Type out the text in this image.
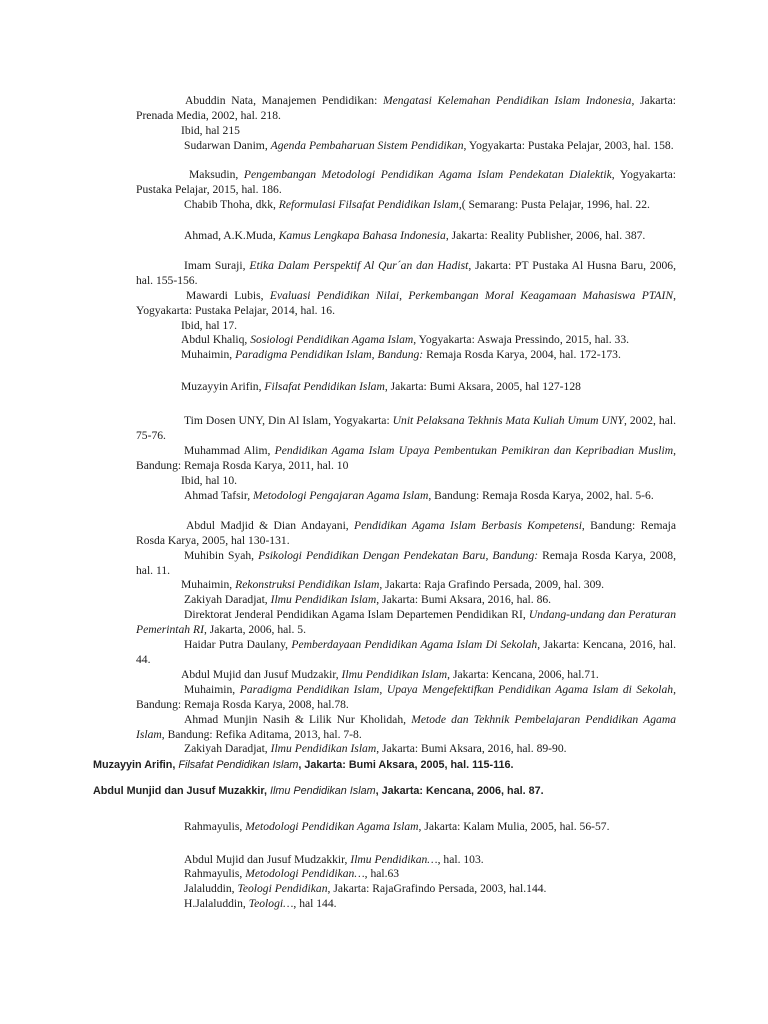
Abuddin Nata, Manajemen Pendidikan: Mengatasi Kelemahan Pendidikan Islam Indonesia, Jakarta: Prenada Media, 2002, hal. 218.
Ibid, hal 215
Sudarwan Danim, Agenda Pembaharuan Sistem Pendidikan, Yogyakarta: Pustaka Pelajar, 2003, hal. 158.
Maksudin, Pengembangan Metodologi Pendidikan Agama Islam Pendekatan Dialektik, Yogyakarta: Pustaka Pelajar, 2015, hal. 186.
Chabib Thoha, dkk, Reformulasi Filsafat Pendidikan Islam,( Semarang: Pusta Pelajar, 1996, hal. 22.
Ahmad, A.K.Muda, Kamus Lengkapa Bahasa Indonesia, Jakarta: Reality Publisher, 2006, hal. 387.
Imam Suraji, Etika Dalam Perspektif Al Qur´an dan Hadist, Jakarta: PT Pustaka Al Husna Baru, 2006, hal. 155-156.
Mawardi Lubis, Evaluasi Pendidikan Nilai, Perkembangan Moral Keagamaan Mahasiswa PTAIN, Yogyakarta: Pustaka Pelajar, 2014, hal. 16.
Ibid, hal 17.
Abdul Khaliq, Sosiologi Pendidikan Agama Islam, Yogyakarta: Aswaja Pressindo, 2015, hal. 33.
Muhaimin, Paradigma Pendidikan Islam, Bandung: Remaja Rosda Karya, 2004, hal. 172-173.
Muzayyin Arifin, Filsafat Pendidikan Islam, Jakarta: Bumi Aksara, 2005, hal 127-128
Tim Dosen UNY, Din Al Islam, Yogyakarta: Unit Pelaksana Tekhnis Mata Kuliah Umum UNY, 2002, hal. 75-76.
Muhammad Alim, Pendidikan Agama Islam Upaya Pembentukan Pemikiran dan Kepribadian Muslim, Bandung: Remaja Rosda Karya, 2011, hal. 10
Ibid, hal 10.
Ahmad Tafsir, Metodologi Pengajaran Agama Islam, Bandung: Remaja Rosda Karya, 2002, hal. 5-6.
Abdul Madjid & Dian Andayani, Pendidikan Agama Islam Berbasis Kompetensi, Bandung: Remaja Rosda Karya, 2005, hal 130-131.
Muhibin Syah, Psikologi Pendidikan Dengan Pendekatan Baru, Bandung: Remaja Rosda Karya, 2008, hal. 11.
Muhaimin, Rekonstruksi Pendidikan Islam, Jakarta: Raja Grafindo Persada, 2009, hal. 309.
Zakiyah Daradjat, Ilmu Pendidikan Islam, Jakarta: Bumi Aksara, 2016, hal. 86.
Direktorat Jenderal Pendidikan Agama Islam Departemen Pendidikan RI, Undang-undang dan Peraturan Pemerintah RI, Jakarta, 2006, hal. 5.
Haidar Putra Daulany, Pemberdayaan Pendidikan Agama Islam Di Sekolah, Jakarta: Kencana, 2016, hal. 44.
Abdul Mujid dan Jusuf Mudzakir, Ilmu Pendidikan Islam, Jakarta: Kencana, 2006, hal.71.
Muhaimin, Paradigma Pendidikan Islam, Upaya Mengefektifkan Pendidikan Agama Islam di Sekolah, Bandung: Remaja Rosda Karya, 2008, hal.78.
Ahmad Munjin Nasih & Lilik Nur Kholidah, Metode dan Tekhnik Pembelajaran Pendidikan Agama Islam, Bandung: Refika Aditama, 2013, hal. 7-8.
Zakiyah Daradjat, Ilmu Pendidikan Islam, Jakarta: Bumi Aksara, 2016, hal. 89-90.
Muzayyin Arifin, Filsafat Pendidikan Islam, Jakarta: Bumi Aksara, 2005, hal. 115-116.
Abdul Munjid dan Jusuf Muzakkir, Ilmu Pendidikan Islam, Jakarta: Kencana, 2006, hal. 87.
Rahmayulis, Metodologi Pendidikan Agama Islam, Jakarta: Kalam Mulia, 2005, hal. 56-57.
Abdul Mujid dan Jusuf Mudzakkir, Ilmu Pendidikan…, hal. 103.
Rahmayulis, Metodologi Pendidikan…, hal.63
Jalaluddin, Teologi Pendidikan, Jakarta: RajaGrafindo Persada, 2003, hal.144.
H.Jalaluddin, Teologi…, hal 144.
